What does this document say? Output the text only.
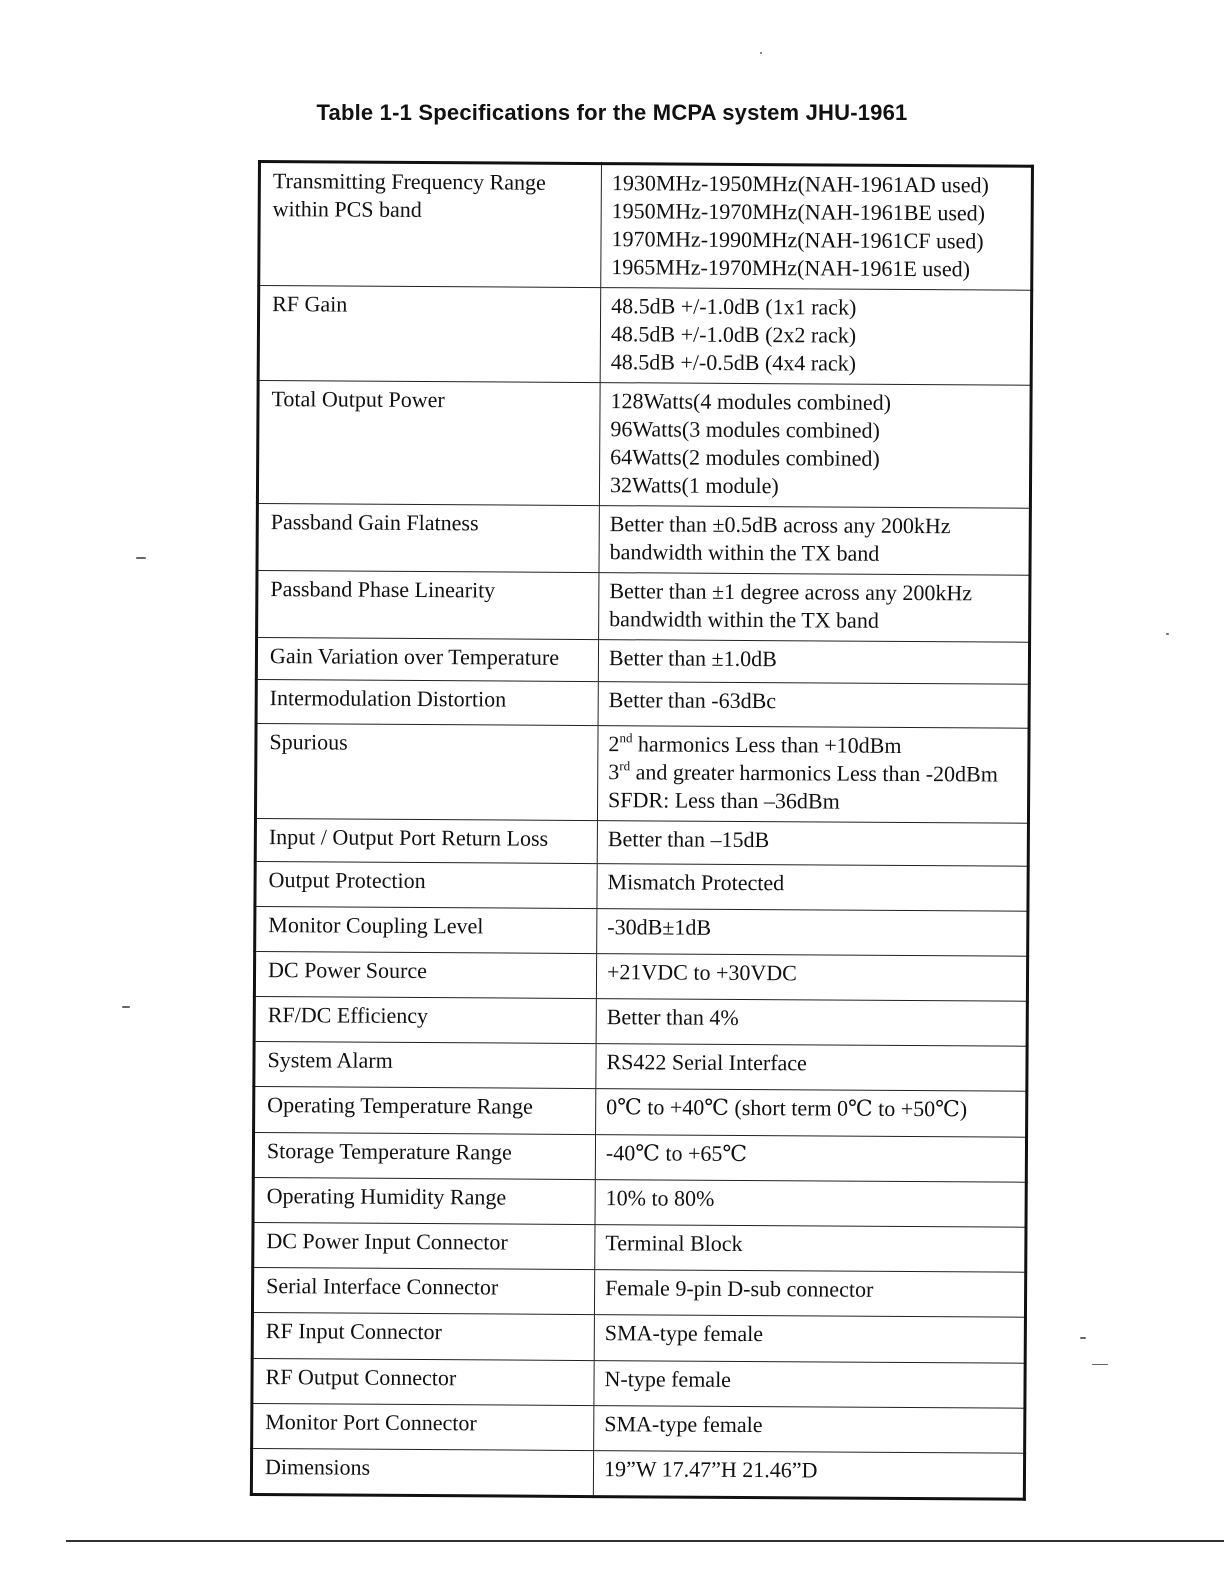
Table 1-1 Specifications for the MCPA system JHU-1961
Transmitting Frequency Range within PCS band	1930MHz-1950MHz(NAH-1961AD used)
1950MHz-1970MHz(NAH-1961BE used)
1970MHz-1990MHz(NAH-1961CF used)
1965MHz-1970MHz(NAH-1961E used)

RF Gain	48.5dB +/-1.0dB (1x1 rack)
48.5dB +/-1.0dB (2x2 rack)
48.5dB +/-0.5dB (4x4 rack)

Total Output Power	128Watts(4 modules combined)
96Watts(3 modules combined)
64Watts(2 modules combined)
32Watts(1 module)

Passband Gain Flatness	Better than ±0.5dB across any 200kHz
bandwidth within the TX band

Passband Phase Linearity	Better than ±1 degree across any 200kHz
bandwidth within the TX band

Gain Variation over Temperature	Better than ±1.0dB

Intermodulation Distortion	Better than -63dBc

Spurious	2nd harmonics Less than +10dBm
3rd and greater harmonics Less than -20dBm
SFDR: Less than –36dBm

Input / Output Port Return Loss	Better than –15dB

Output Protection	Mismatch Protected

Monitor Coupling Level	-30dB±1dB

DC Power Source	+21VDC to +30VDC

RF/DC Efficiency	Better than 4%

System Alarm	RS422 Serial Interface

Operating Temperature Range	0℃ to +40℃ (short term 0℃ to +50℃)

Storage Temperature Range	-40℃ to +65℃

Operating Humidity Range	10% to 80%

DC Power Input Connector	Terminal Block

Serial Interface Connector	Female 9-pin D-sub connector

RF Input Connector	SMA-type female

RF Output Connector	N-type female

Monitor Port Connector	SMA-type female

Dimensions	19”W 17.47”H 21.46”D
